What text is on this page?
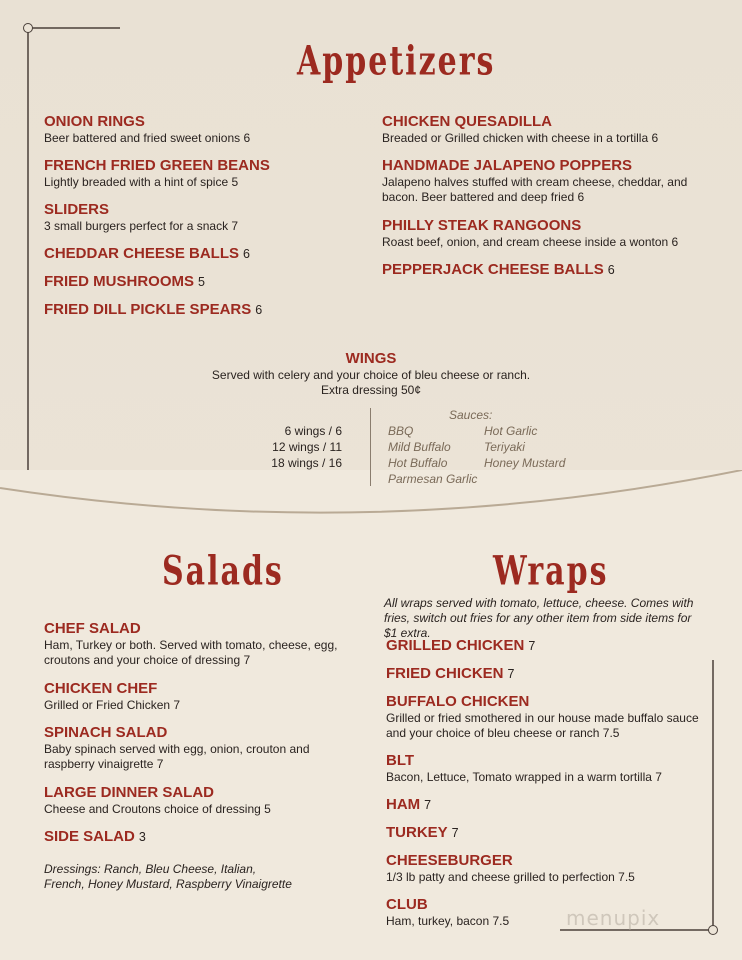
Appetizers
ONION RINGS
Beer battered and fried sweet onions 6
FRENCH FRIED GREEN BEANS
Lightly breaded with a hint of spice 5
SLIDERS
3 small burgers perfect for a snack 7
CHEDDAR CHEESE BALLS 6
FRIED MUSHROOMS 5
FRIED DILL PICKLE SPEARS 6
CHICKEN QUESADILLA
Breaded or Grilled chicken with cheese in a tortilla 6
HANDMADE JALAPENO POPPERS
Jalapeno halves stuffed with cream cheese, cheddar, and bacon. Beer battered and deep fried 6
PHILLY STEAK RANGOONS
Roast beef, onion, and cream cheese inside a wonton 6
PEPPERJACK CHEESE BALLS 6
WINGS
Served with celery and your choice of bleu cheese or ranch.
Extra dressing 50¢
6 wings / 6
12 wings / 11
18 wings / 16
Sauces:
BBQ
Mild Buffalo
Hot Buffalo
Parmesan Garlic
Hot Garlic
Teriyaki
Honey Mustard
Salads
CHEF SALAD
Ham, Turkey or both. Served with tomato, cheese, egg, croutons and your choice of dressing 7
CHICKEN CHEF
Grilled or Fried Chicken 7
SPINACH SALAD
Baby spinach served with egg, onion, crouton and raspberry vinaigrette 7
LARGE DINNER SALAD
Cheese and Croutons choice of dressing 5
SIDE SALAD 3
Dressings: Ranch, Bleu Cheese, Italian, French, Honey Mustard, Raspberry Vinaigrette
Wraps
All wraps served with tomato, lettuce, cheese. Comes with fries, switch out fries for any other item from side items for $1 extra.
GRILLED CHICKEN 7
FRIED CHICKEN 7
BUFFALO CHICKEN
Grilled or fried smothered in our house made buffalo sauce and your choice of bleu cheese or ranch 7.5
BLT
Bacon, Lettuce, Tomato wrapped in a warm tortilla 7
HAM 7
TURKEY 7
CHEESEBURGER
1/3 lb patty and cheese grilled to perfection 7.5
CLUB
Ham, turkey, bacon 7.5	menupix
